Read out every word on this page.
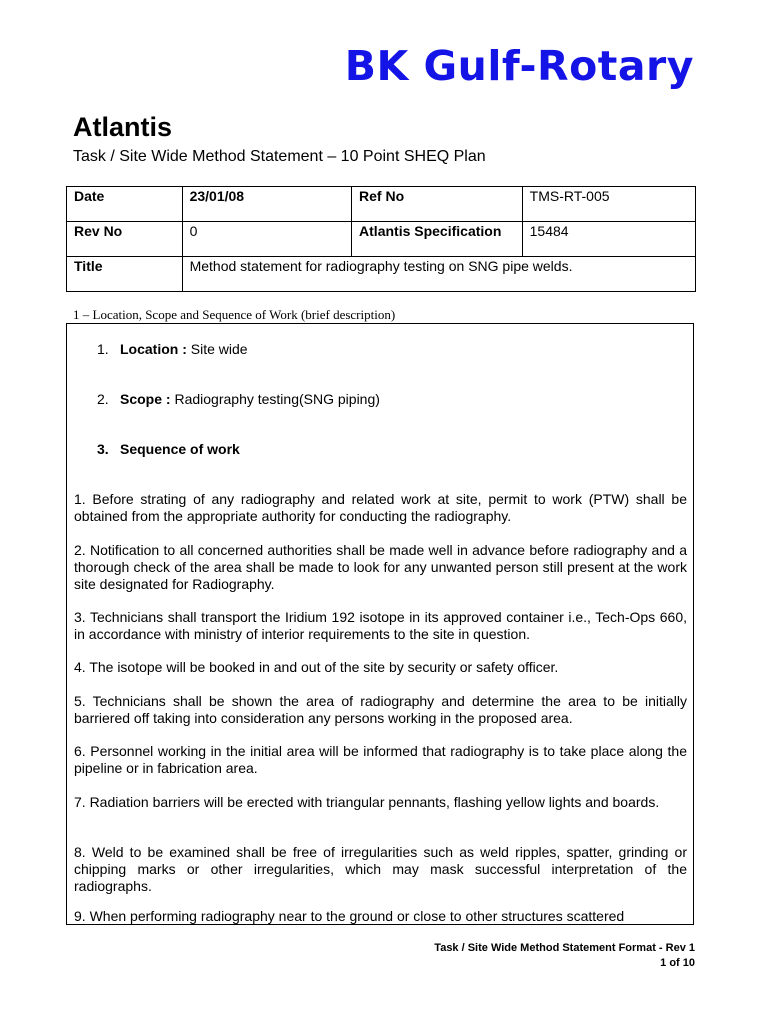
BK Gulf-Rotary
Atlantis
Task / Site Wide Method Statement – 10 Point SHEQ Plan
Date	23/01/08	Ref No	TMS-RT-005
Rev No	0	Atlantis Specification	15484
Title	Method statement for radiography testing on SNG pipe welds.		
1 – Location, Scope and Sequence of Work (brief description)
1. Location : Site wide
2. Scope : Radiography testing(SNG piping)
3. Sequence of work
1. Before strating of any radiography and related work at site, permit to work (PTW) shall be obtained from the appropriate authority for conducting the radiography.
2. Notification to all concerned authorities shall be made well in advance before radiography and a thorough check of the area shall be made to look for any unwanted person still present at the work site designated for Radiography.
3. Technicians shall transport the Iridium 192 isotope in its approved container i.e., Tech-Ops 660, in accordance with ministry of interior requirements to the site in question.
4. The isotope will be booked in and out of the site by security or safety officer.
5. Technicians shall be shown the area of radiography and determine the area to be initially barriered off taking into consideration any persons working in the proposed area.
6. Personnel working in the initial area will be informed that radiography is to take place along the pipeline or in fabrication area.
7. Radiation barriers will be erected with triangular pennants, flashing yellow lights and boards.
8. Weld to be examined shall be free of irregularities such as weld ripples, spatter, grinding or chipping marks or other irregularities, which may mask successful interpretation of the radiographs.
9. When performing radiography near to the ground or close to other structures scattered
Task / Site Wide Method Statement Format - Rev 1
1 of 10
